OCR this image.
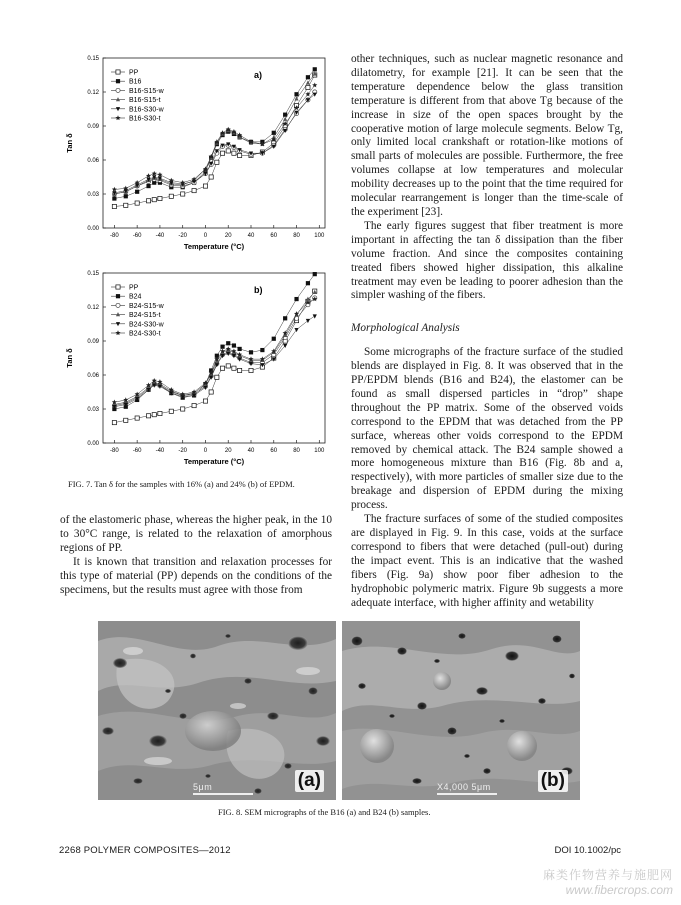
0.00
0.03
0.06
0.09
0.12
0.15
-80 -60 -40 -20	0	20	40	60	80 100
Temperature (°C)
Tan δ
a)
PP
B16
B16-S15-w
B16-S15-t
B16-S30-w
B16-S30-t
0.00
0.03
0.06
0.09
0.12
0.15
-80 -60 -40 -20	0	20	40	60	80 100
Temperature (°C)
Tan δ
b)
PP
B24
B24-S15-w
B24-S15-t
B24-S30-w
B24-S30-t
FIG. 7. Tan δ for the samples with 16% (a) and 24% (b) of EPDM.

of the elastomeric phase, whereas the higher peak, in the 10 to 30°C range, is related to the relaxation of amorphous regions of PP.

It is known that transition and relaxation processes for this type of material (PP) depends on the conditions of the specimens, but the results must agree with those from

other techniques, such as nuclear magnetic resonance and dilatometry, for example [21]. It can be seen that the temperature dependence below the glass transition temperature is different from that above Tg because of the increase in size of the open spaces brought by the cooperative motion of large molecule segments. Below Tg, only limited local crankshaft or rotation-like motions of small parts of molecules are possible. Furthermore, the free volumes collapse at low temperatures and molecular mobility decreases up to the point that the time required for molecular rearrangement is longer than the time-scale of the experiment [23].

The early figures suggest that fiber treatment is more important in affecting the tan δ dissipation than the fiber volume fraction. And since the composites containing treated fibers showed higher dissipation, this alkaline treatment may even be leading to poorer adhesion than the simpler washing of the fibers.

Morphological Analysis

Some micrographs of the fracture surface of the studied blends are displayed in Fig. 8. It was observed that in the PP/EPDM blends (B16 and B24), the elastomer can be found as small dispersed particles in “drop” shape throughout the PP matrix. Some of the observed voids correspond to the EPDM that was detached from the PP surface, whereas other voids correspond to the EPDM removed by chemical attack. The B24 sample showed a more homogeneous mixture than B16 (Fig. 8b and a, respectively), with more particles of smaller size due to the breakage and dispersion of EPDM during the mixing process.

The fracture surfaces of some of the studied composites are displayed in Fig. 9. In this case, voids at the surface correspond to fibers that were detached (pull-out) during the impact event. This is an indicative that the washed fibers (Fig. 9a) show poor fiber adhesion to the hydrophobic polymeric matrix. Figure 9b suggests a more adequate interface, with higher affinity and wetability

5μm	(a)	X4,000 5μm	(b)
FIG. 8. SEM micrographs of the B16 (a) and B24 (b) samples.
2268 POLYMER COMPOSITES—2012	DOI 10.1002/pc
麻类作物营养与施肥网
www.fibercrops.com
